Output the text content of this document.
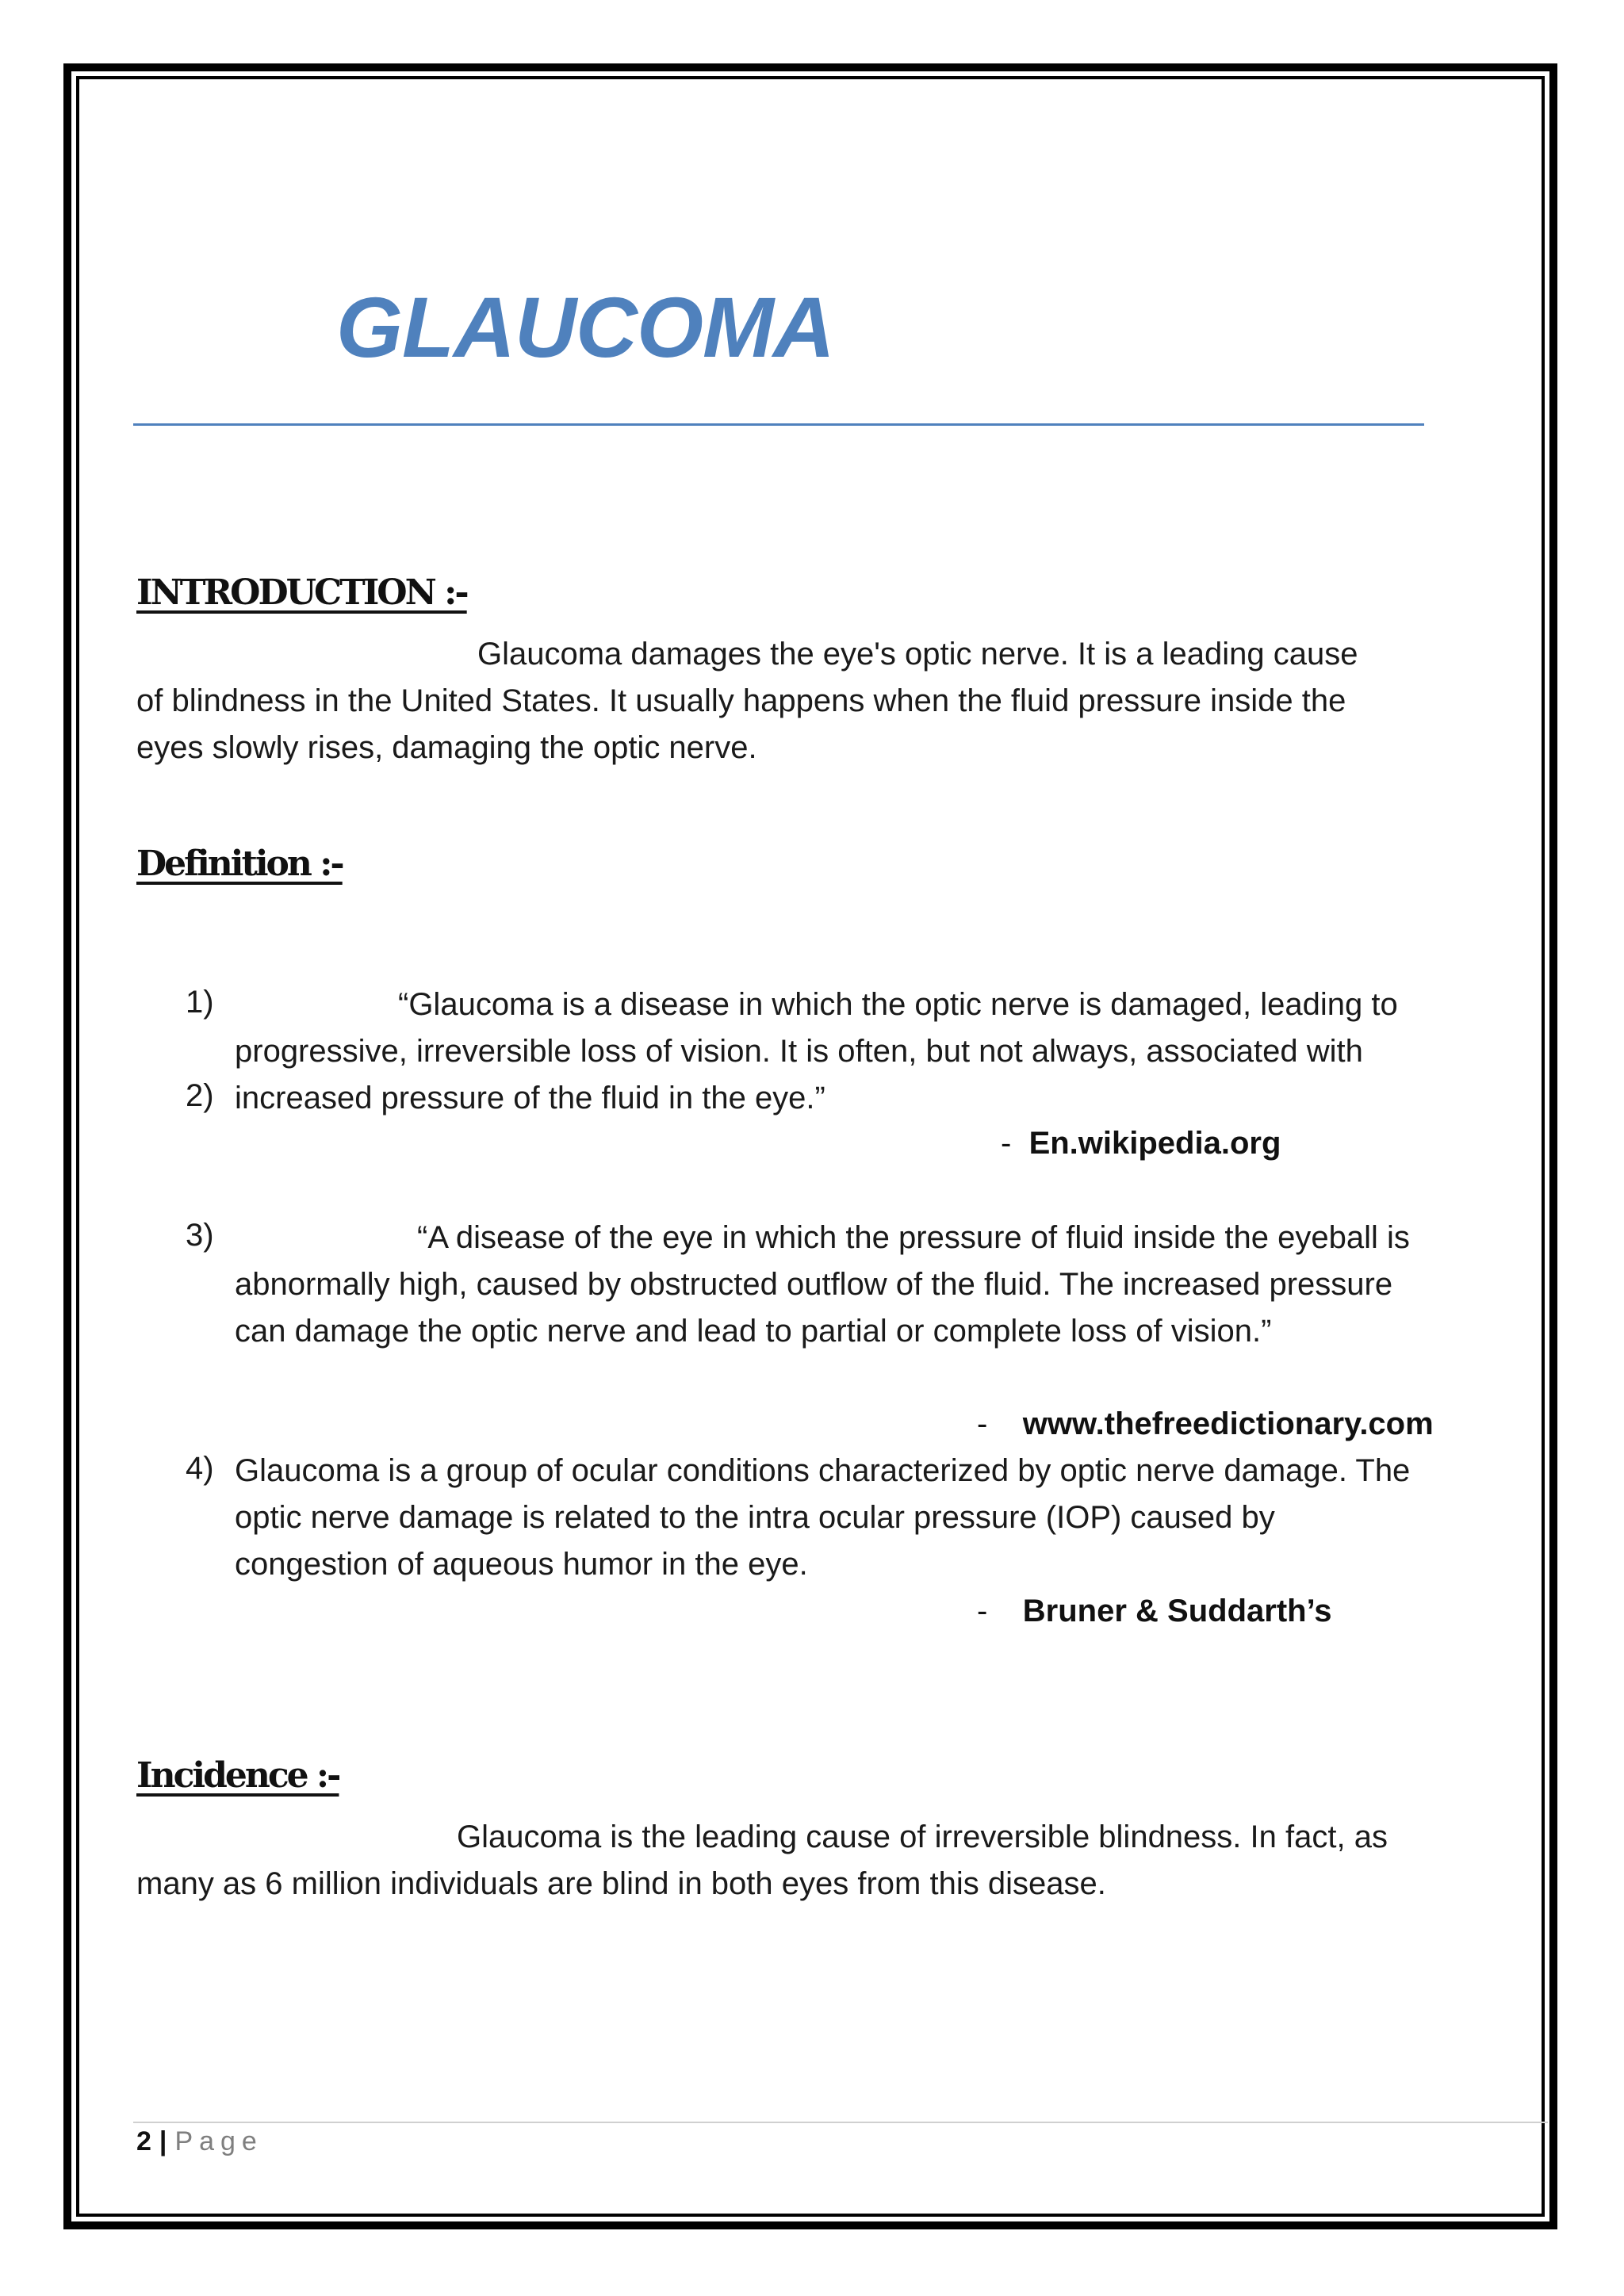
GLAUCOMA
INTRODUCTION :-

Glaucoma damages the eye's optic nerve. It is a leading cause

of blindness in the United States. It usually happens when the fluid pressure inside the

eyes slowly rises, damaging the optic nerve.

Definition :-
1)
2)

“Glaucoma is a disease in which the optic nerve is damaged, leading to

progressive, irreversible loss of vision. It is often, but not always, associated with

increased pressure of the fluid in the eye.”

- En.wikipedia.org
3)	“A disease of the eye in which the pressure of fluid inside the eyeball is

abnormally high, caused by obstructed outflow of the fluid. The increased pressure

can damage the optic nerve and lead to partial or complete loss of vision.”

- www.thefreedictionary.com
4) Glaucoma is a group of ocular conditions characterized by optic nerve damage. The

optic nerve damage is related to the intra ocular pressure (IOP) caused by

congestion of aqueous humor in the eye.

- Bruner & Suddarth’s
Incidence :-

Glaucoma is the leading cause of irreversible blindness. In fact, as

many as 6 million individuals are blind in both eyes from this disease.

2 | Page
